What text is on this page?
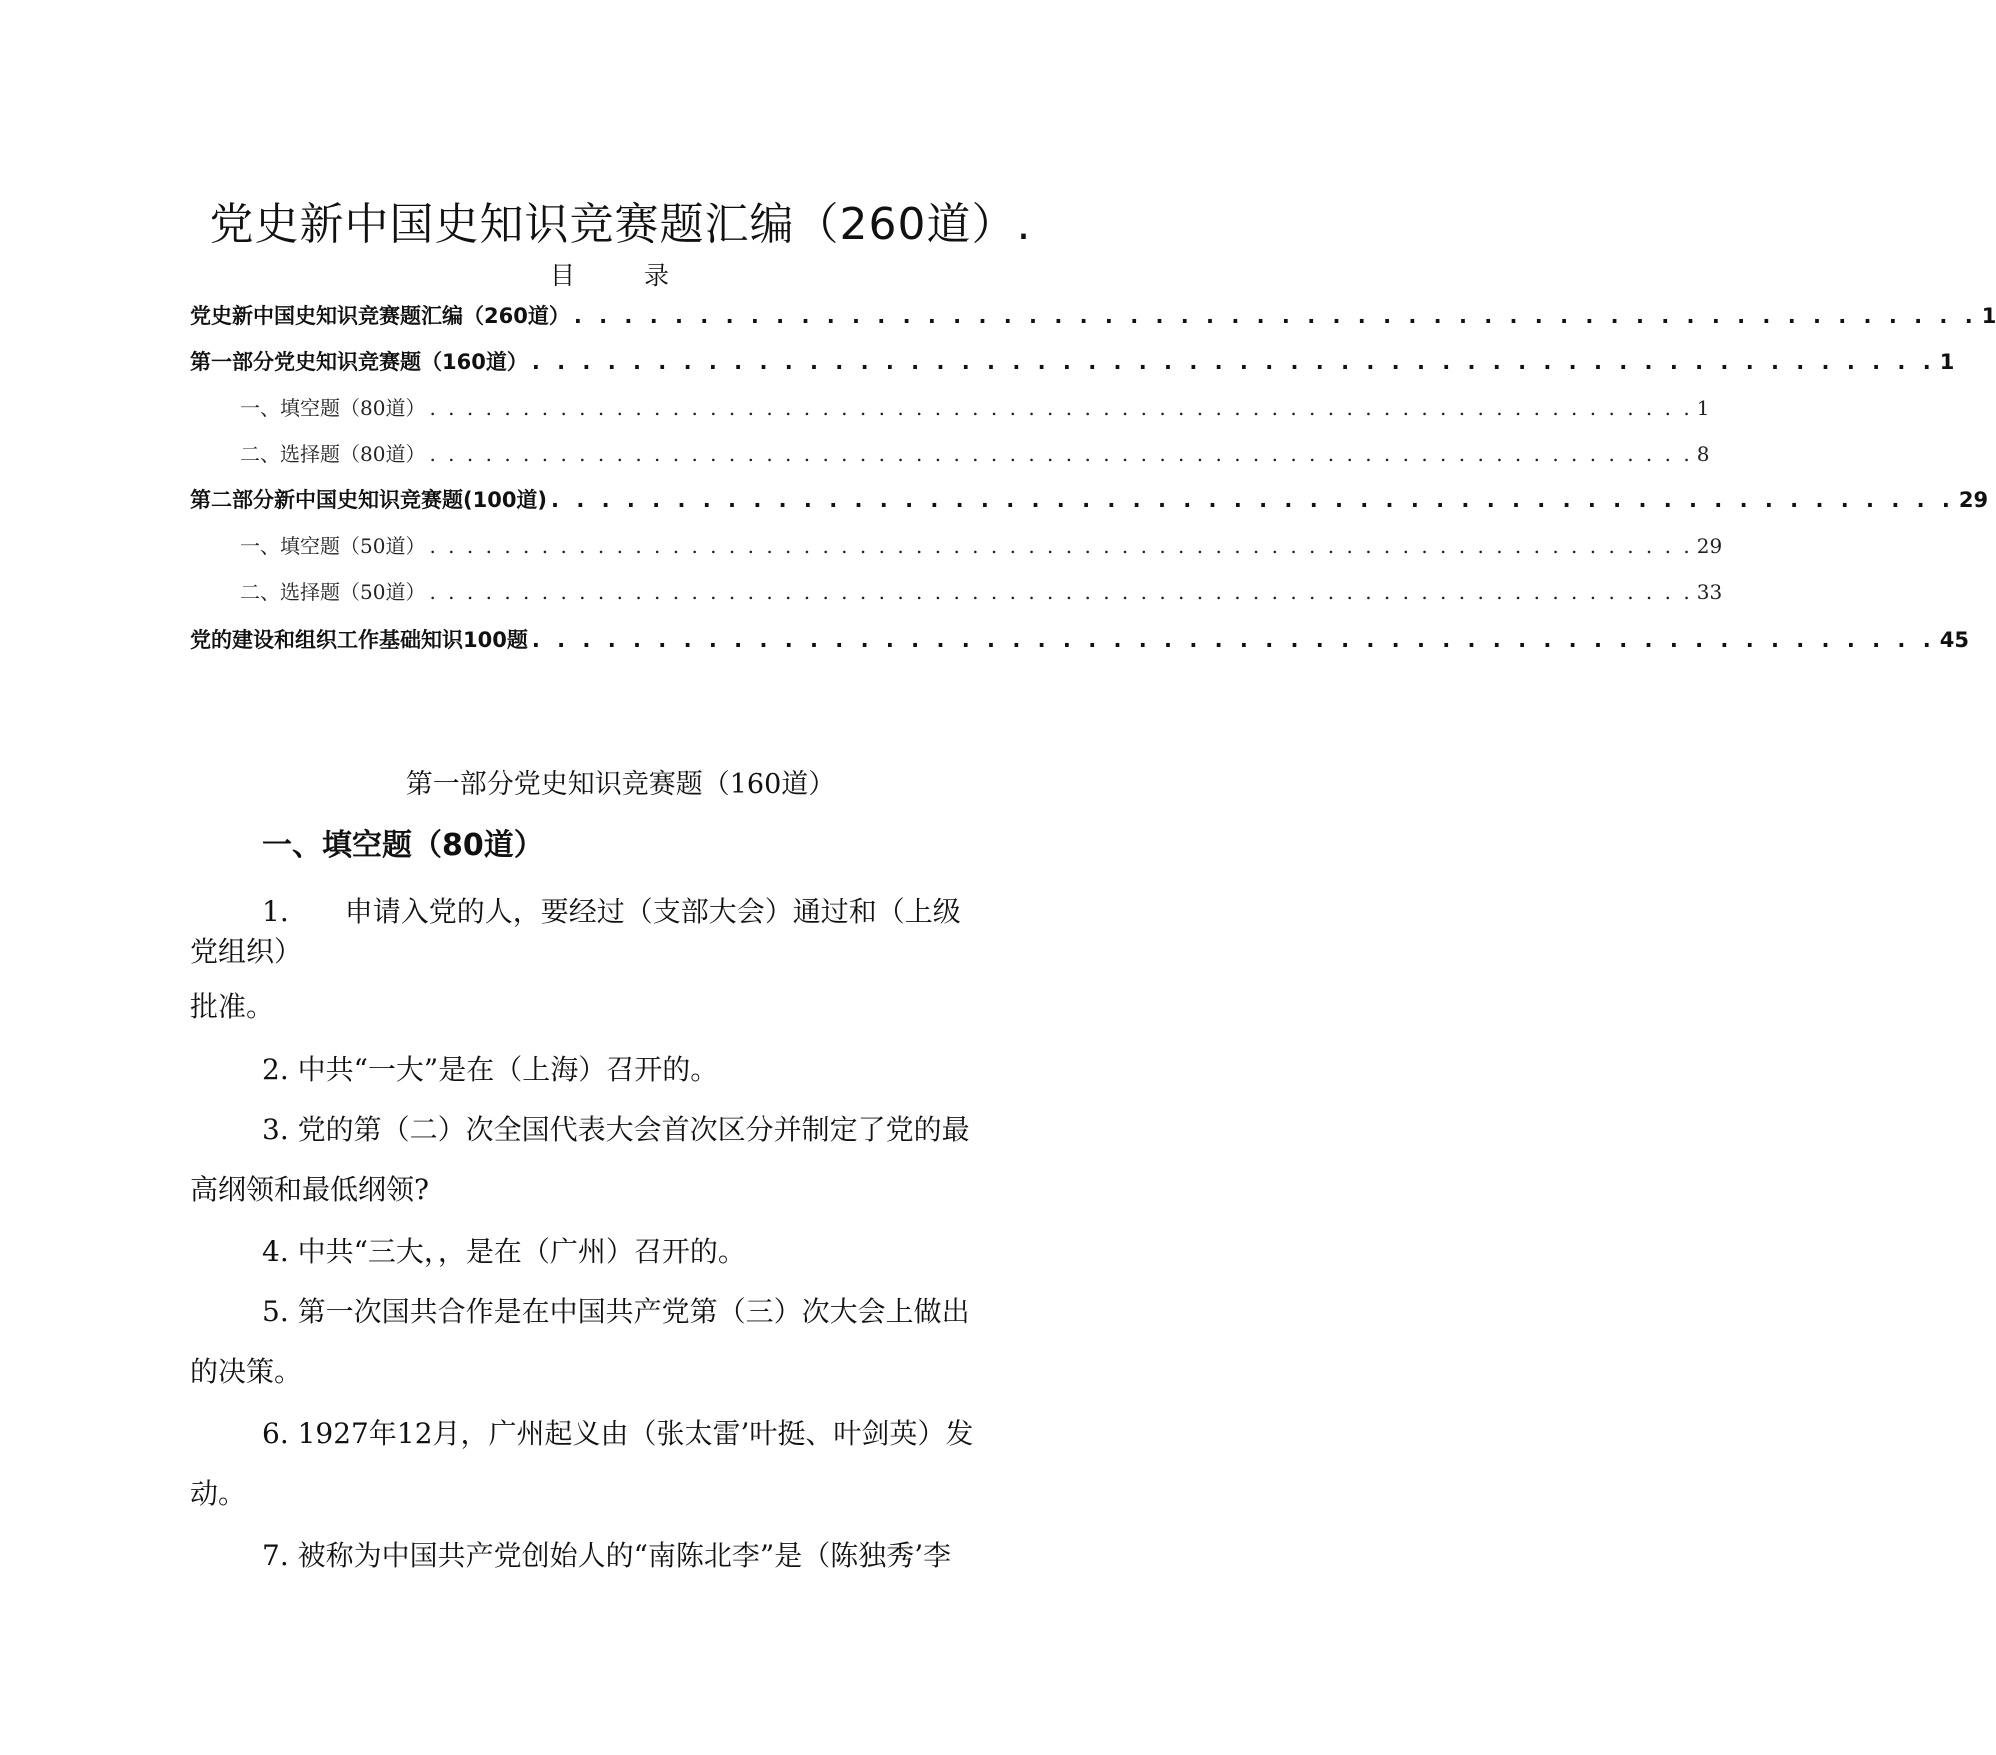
党史新中国史知识竞赛题汇编（260道）.
目　录
党史新中国史知识竞赛题汇编（260道） . . . . . . . . . . . . . . . . . . . . . . . . . . . . . . . . . . . . . . . . . . . . . . . . . . . . . . . . 1
第一部分党史知识竞赛题（160道） . . . . . . . . . . . . . . . . . . . . . . . . . . . . . . . . . . . . . . . . . . . . . . . . . . . . . . . . 1
一、填空题（80道） . . . . . . . . . . . . . . . . . . . . . . . . . . . . . . . . . . . . . . . . . . . . . . . . . . . . . . . . . . . . . . . . . . . . 1
二、选择题（80道） . . . . . . . . . . . . . . . . . . . . . . . . . . . . . . . . . . . . . . . . . . . . . . . . . . . . . . . . . . . . . . . . . . . . 8
第二部分新中国史知识竞赛题(100道) . . . . . . . . . . . . . . . . . . . . . . . . . . . . . . . . . . . . . . . . . . . . . . . . . . . . . . . . 29
一、填空题（50道） . . . . . . . . . . . . . . . . . . . . . . . . . . . . . . . . . . . . . . . . . . . . . . . . . . . . . . . . . . . . . . . . . . . . 29
二、选择题（50道） . . . . . . . . . . . . . . . . . . . . . . . . . . . . . . . . . . . . . . . . . . . . . . . . . . . . . . . . . . . . . . . . . . . . 33
党的建设和组织工作基础知识100题 . . . . . . . . . . . . . . . . . . . . . . . . . . . . . . . . . . . . . . . . . . . . . . . . . . . . . . . . 45
第一部分党史知识竞赛题（160道）
一、填空题（80道）
1.　　申请入党的人，要经过（支部大会）通过和（上级
党组织）
批准。
2. 中共“一大”是在（上海）召开的。
3. 党的第（二）次全国代表大会首次区分并制定了党的最
高纲领和最低纲领?
4. 中共“三大，，是在（广州）召开的。
5. 第一次国共合作是在中国共产党第（三）次大会上做出
的决策。
6. 1927年12月，广州起义由（张太雷’叶挺、叶剑英）发
动。
7. 被称为中国共产党创始人的“南陈北李”是（陈独秀’李
